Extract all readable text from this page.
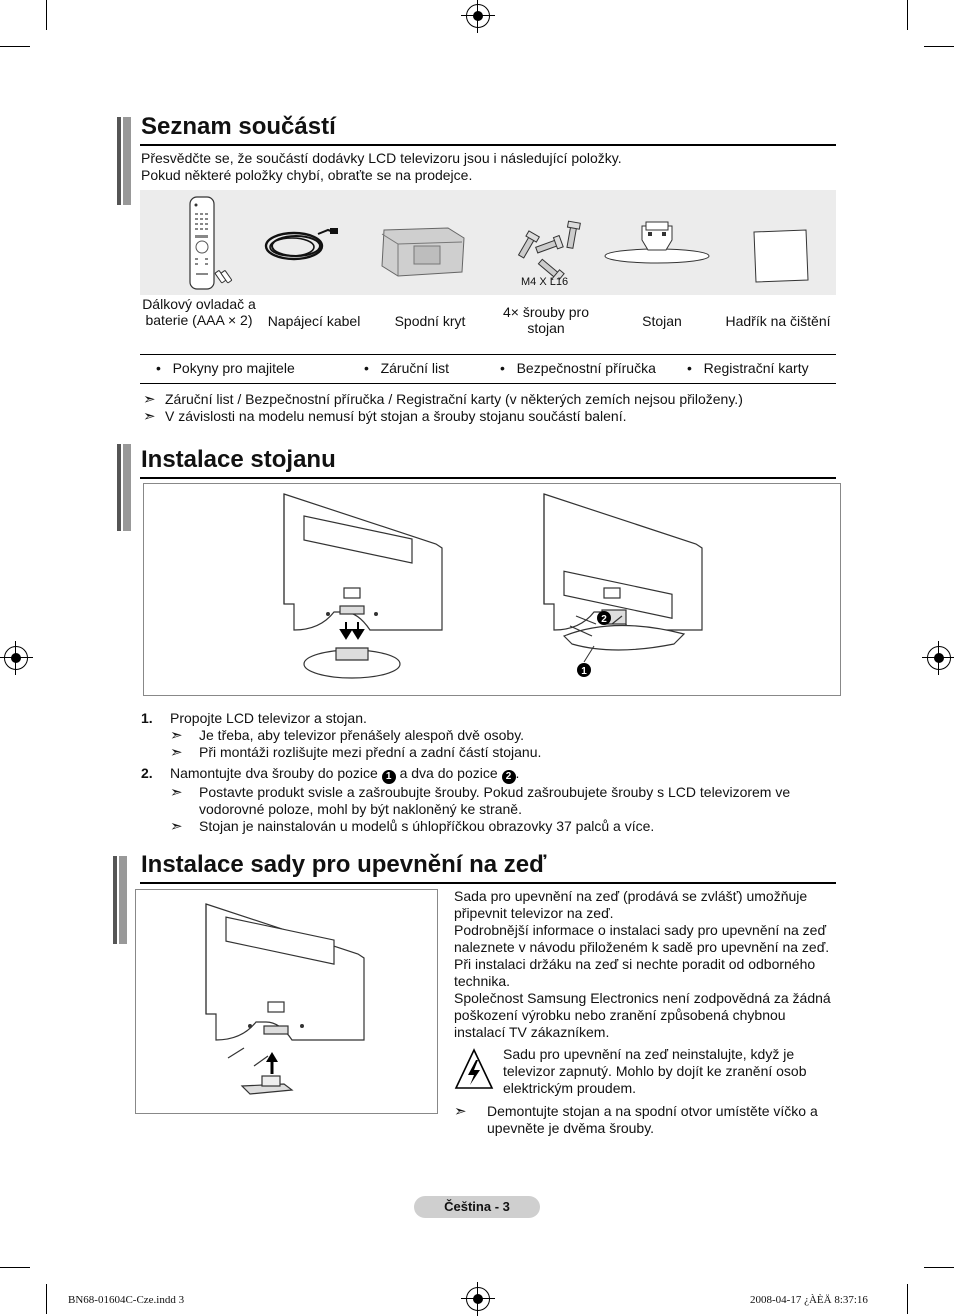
Seznam součástí
Přesvědčte se, že součástí dodávky LCD televizoru jsou i následující položky.
Pokud některé položky chybí, obraťte se na prodejce.
M4 X L16
Dálkový ovladač a baterie (AAA × 2)	Napájecí kabel	Spodní kryt
4× šrouby pro stojan	Stojan	Hadřík na čištění
•   Pokyny pro majitele	•   Záruční list	•   Bezpečnostní příručka •   Registrační karty
➣ Záruční list / Bezpečnostní příručka / Registrační karty (v některých zemích nejsou přiloženy.)
➣ V závislosti na modelu nemusí být stojan a šrouby stojanu součástí balení.
Instalace stojanu
2
1
1. Propojte LCD televizor a stojan.
➣ Je třeba, aby televizor přenášely alespoň dvě osoby.
➣ Při montáži rozlišujte mezi přední a zadní částí stojanu.
2. Namontujte dva šrouby do pozice 1 a dva do pozice 2 .
➣	Postavte produkt svisle a zašroubujte šrouby. Pokud zašroubujete šrouby s LCD televizorem ve vodorovné poloze, mohl by být nakloněný ke straně.
➣ Stojan je nainstalován u modelů s úhlopříčkou obrazovky 37 palců a více.
Instalace sady pro upevnění na zeď
Sada pro upevnění na zeď (prodává se zvlášť) umožňuje připevnit televizor na zeď.
Podrobnější informace o instalaci sady pro upevnění na zeď naleznete v návodu přiloženém k sadě pro upevnění na zeď. Při instalaci držáku na zeď si nechte poradit od odborného technika.
Společnost Samsung Electronics není zodpovědná za žádná poškození výrobku nebo zranění způsobená chybnou instalací TV zákazníkem.
Sadu pro upevnění na zeď neinstalujte, když je televizor zapnutý. Mohlo by dojít ke zranění osob elektrickým proudem.
➣	Demontujte stojan a na spodní otvor umístěte víčko a upevněte je dvěma šrouby.
Čeština - 3
BN68-01604C-Cze.indd 3	2008-04-17 ¿ÀÈÄ 8:37:16
